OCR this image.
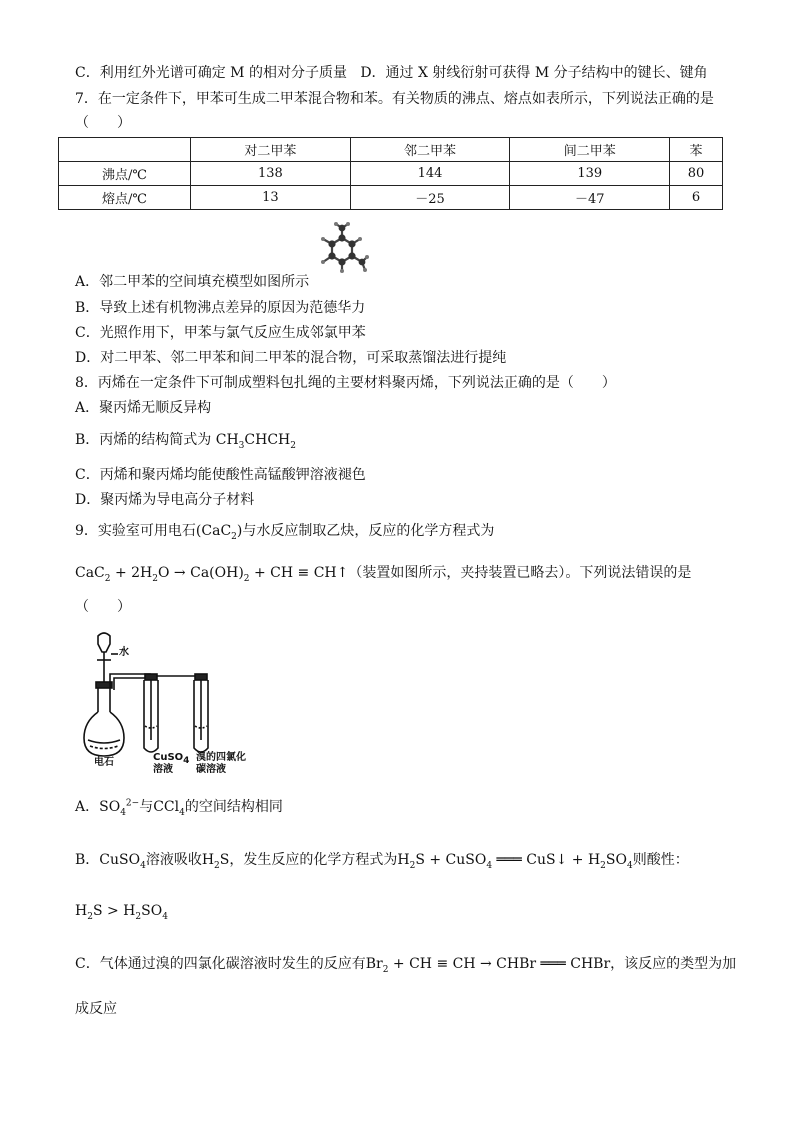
C．利用红外光谱可确定 M 的相对分子质量 D．通过 X 射线衍射可获得 M 分子结构中的键长、键角
7．在一定条件下，甲苯可生成二甲苯混合物和苯。有关物质的沸点、熔点如表所示，下列说法正确的是
（　　）
	对二甲苯	邻二甲苯	间二甲苯	苯
沸点/℃	138	144	139	80
熔点/℃	13	－25	－47	6
A．邻二甲苯的空间填充模型如图所示
B．导致上述有机物沸点差异的原因为范德华力
C．光照作用下，甲苯与氯气反应生成邻氯甲苯
D．对二甲苯、邻二甲苯和间二甲苯的混合物，可采取蒸馏法进行提纯
8．丙烯在一定条件下可制成塑料包扎绳的主要材料聚丙烯，下列说法正确的是（　　）
A．聚丙烯无顺反异构
B．丙烯的结构简式为 $CH_3CHCH_2$
C．丙烯和聚丙烯均能使酸性高锰酸钾溶液褪色
D．聚丙烯为导电高分子材料
9．实验室可用电石(CaC$_2$)与水反应制取乙炔，反应的化学方程式为
$CaC_2 + 2H_2O \to Ca(OH)_2$ + CH ≡ CH↑（装置如图所示，夹持装置已略去）。下列说法错误的是
（　　）
水
电石	CuSO$_4$
溶液
溴的四氯化
碳溶液
A．$SO_4^{2-}$与CCl$_4$的空间结构相同
B．CuSO$_4$溶液吸收$H_2S$，发生反应的化学方程式为$H_2S$ + CuSO$_4$ ═══ CuS↓ + $H_2SO_4$则酸性：
$H_2S > H_2SO_4$
C．气体通过溴的四氯化碳溶液时发生的反应有$Br_2$ + CH ≡ CH → CHBr ═══ CHBr，该反应的类型为加
成反应
